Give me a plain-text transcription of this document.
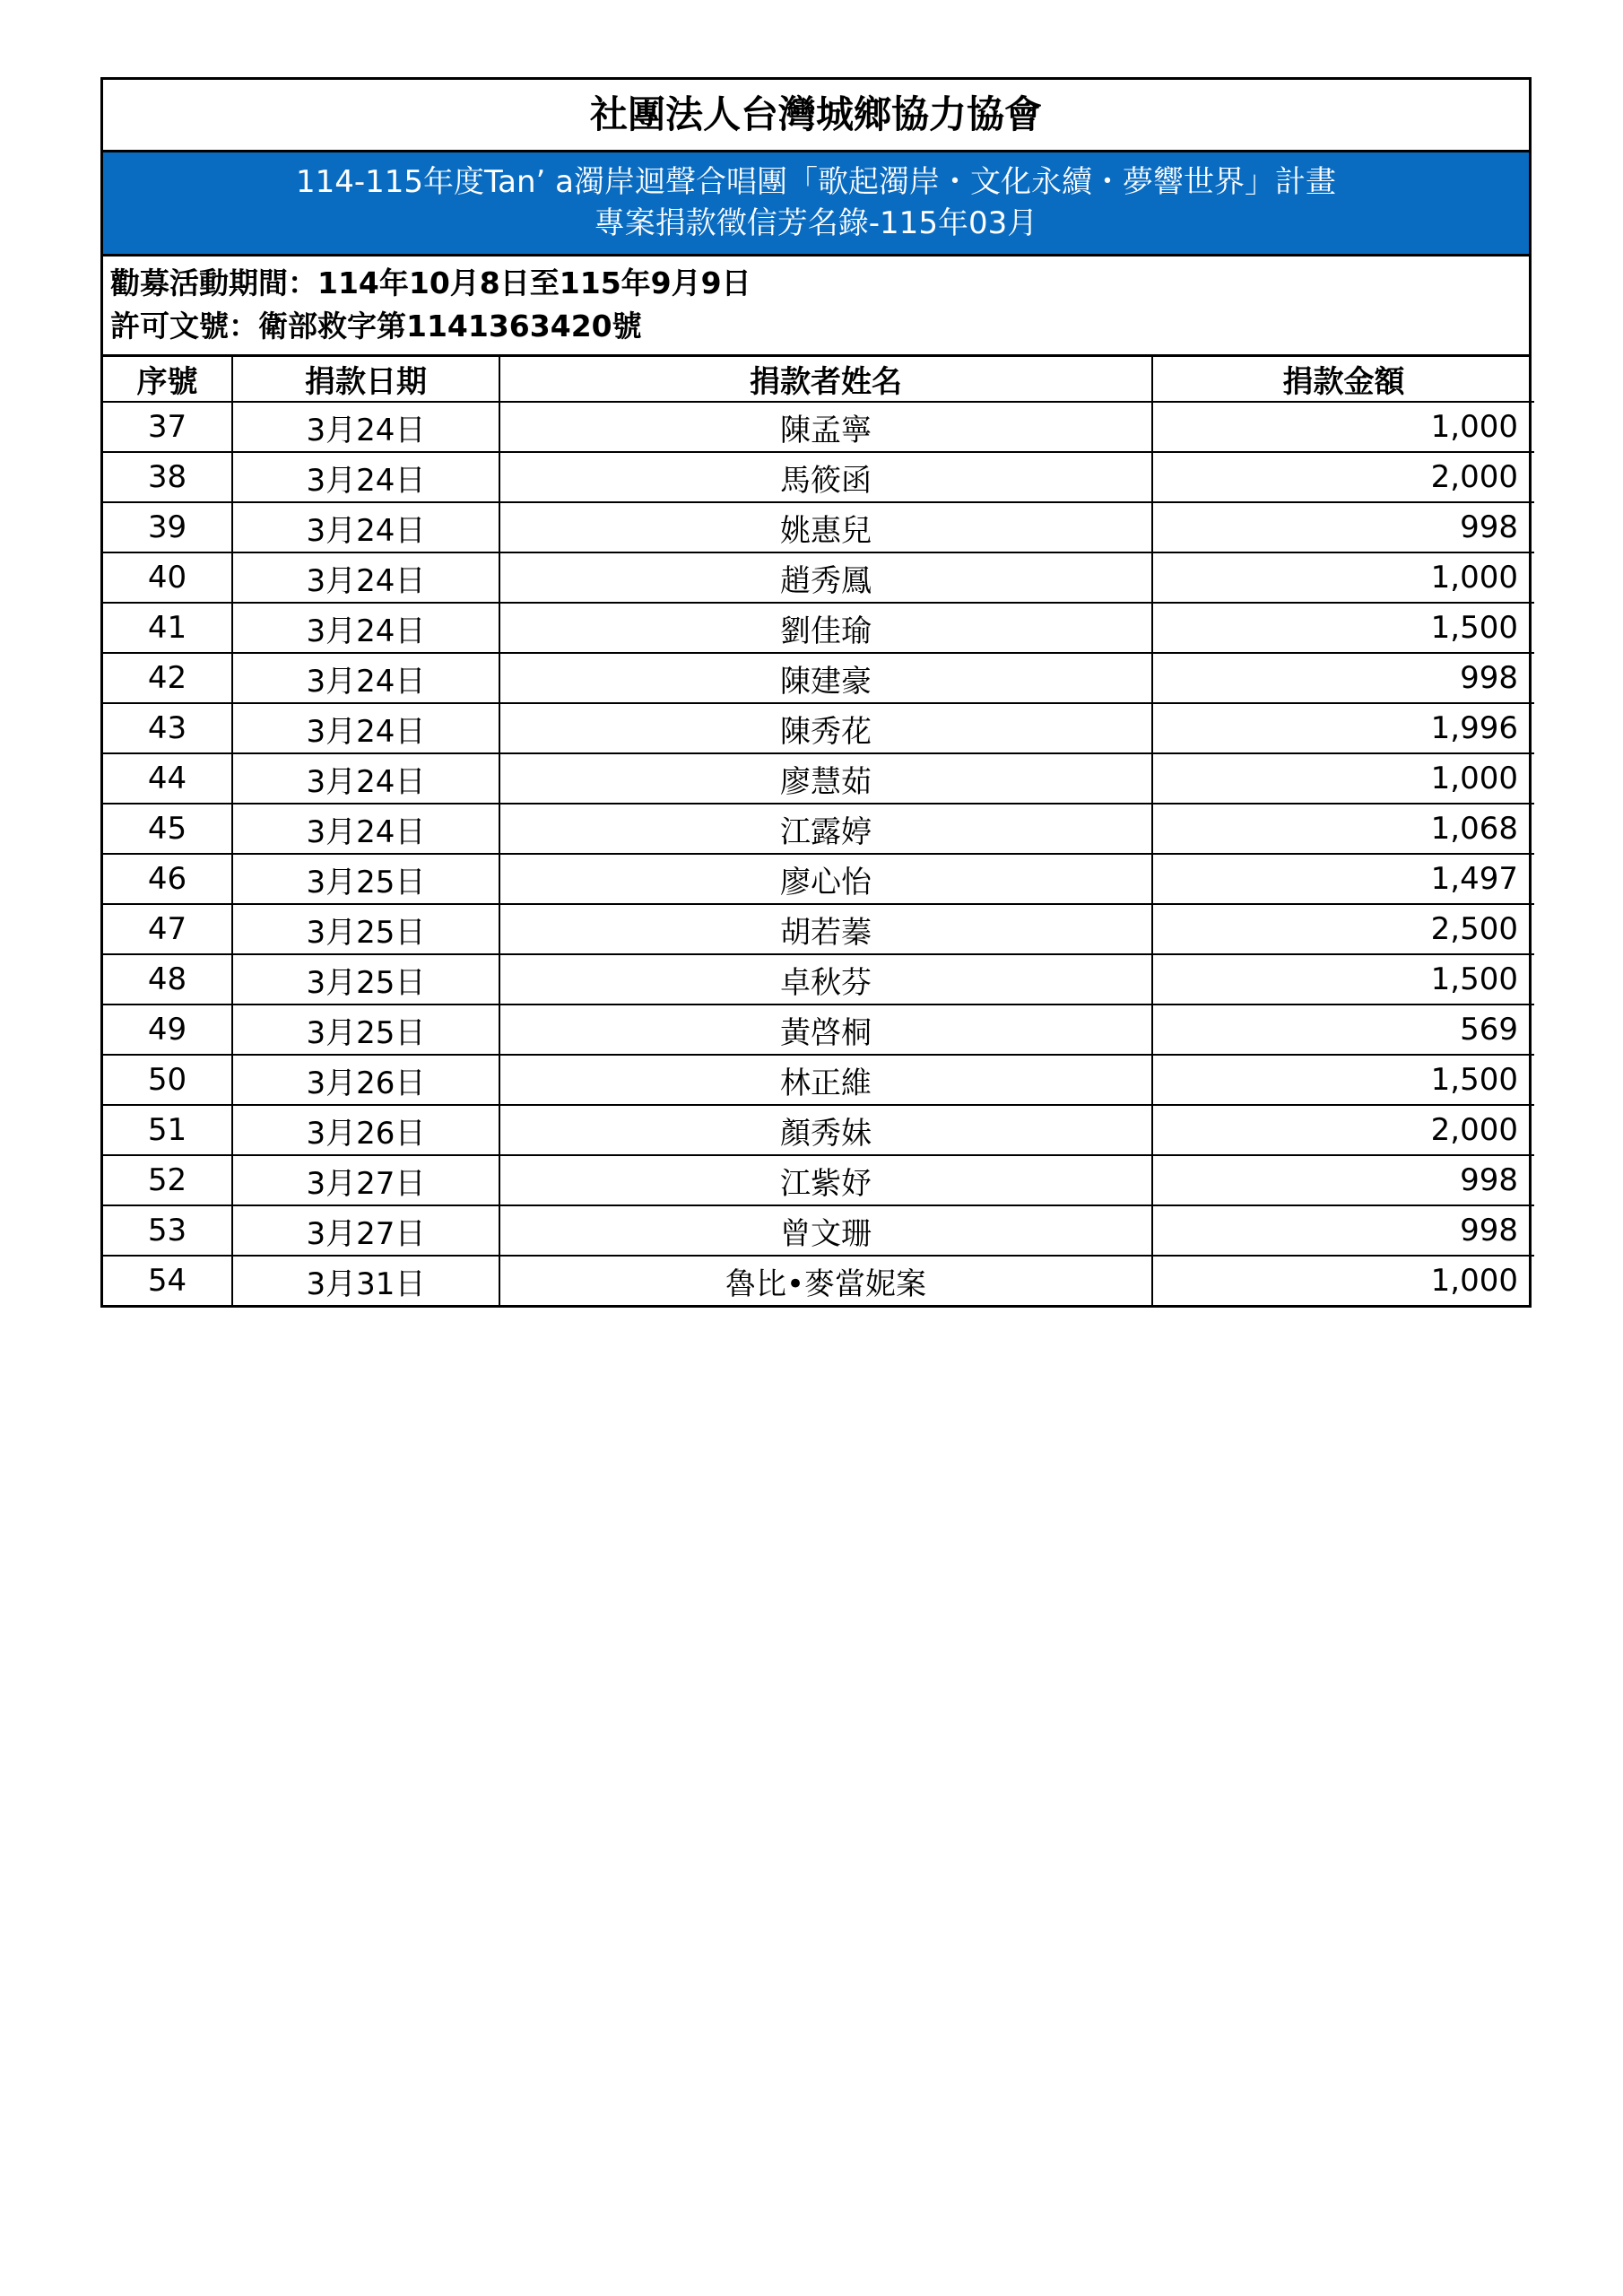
社團法人台灣城鄉協力協會
114-115年度Tan’ a濁岸迴聲合唱團「歌起濁岸・文化永續・夢響世界」計畫
專案捐款徵信芳名錄-115年03月
勸募活動期間：114年10月8日至115年9月9日
許可文號：衛部救字第1141363420號
序號	捐款日期	捐款者姓名	捐款金額
37	3月24日	陳孟寧	1,000
38	3月24日	馬筱函	2,000
39	3月24日	姚惠兒	998
40	3月24日	趙秀鳳	1,000
41	3月24日	劉佳瑜	1,500
42	3月24日	陳建豪	998
43	3月24日	陳秀花	1,996
44	3月24日	廖慧茹	1,000
45	3月24日	江露婷	1,068
46	3月25日	廖心怡	1,497
47	3月25日	胡若蓁	2,500
48	3月25日	卓秋芬	1,500
49	3月25日	黃啓桐	569
50	3月26日	林正維	1,500
51	3月26日	顏秀妹	2,000
52	3月27日	江紫妤	998
53	3月27日	曾文珊	998
54	3月31日	魯比•麥當妮案	1,000
